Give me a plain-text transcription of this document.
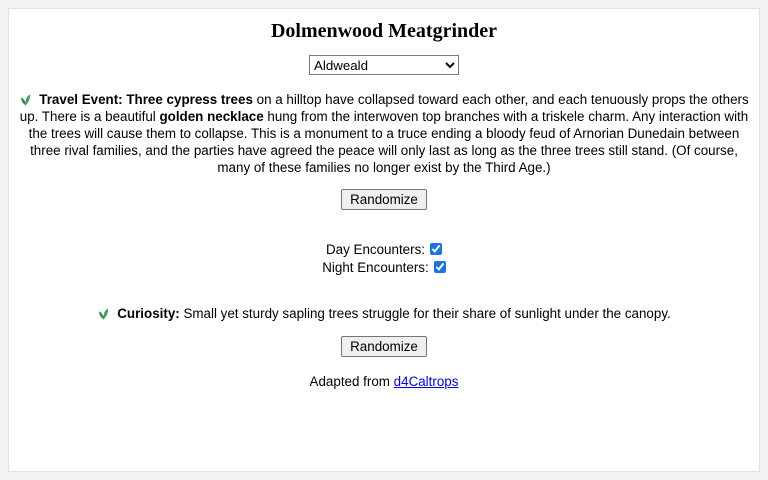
Dolmenwood Meatgrinder
Aldweald

Travel Event: Three cypress trees on a hilltop have collapsed toward each other, and each tenuously props the others up. There is a beautiful golden necklace hung from the interwoven top branches with a triskele charm. Any interaction with the trees will cause them to collapse. This is a monument to a truce ending a bloody feud of Arnorian Dunedain between three rival families, and the parties have agreed the peace will only last as long as the three trees still stand. (Of course, many of these families no longer exist by the Third Age.)

Randomize
Day Encounters:
Night Encounters:

Curiosity: Small yet sturdy sapling trees struggle for their share of sunlight under the canopy.

Randomize
Adapted from d4Caltrops
